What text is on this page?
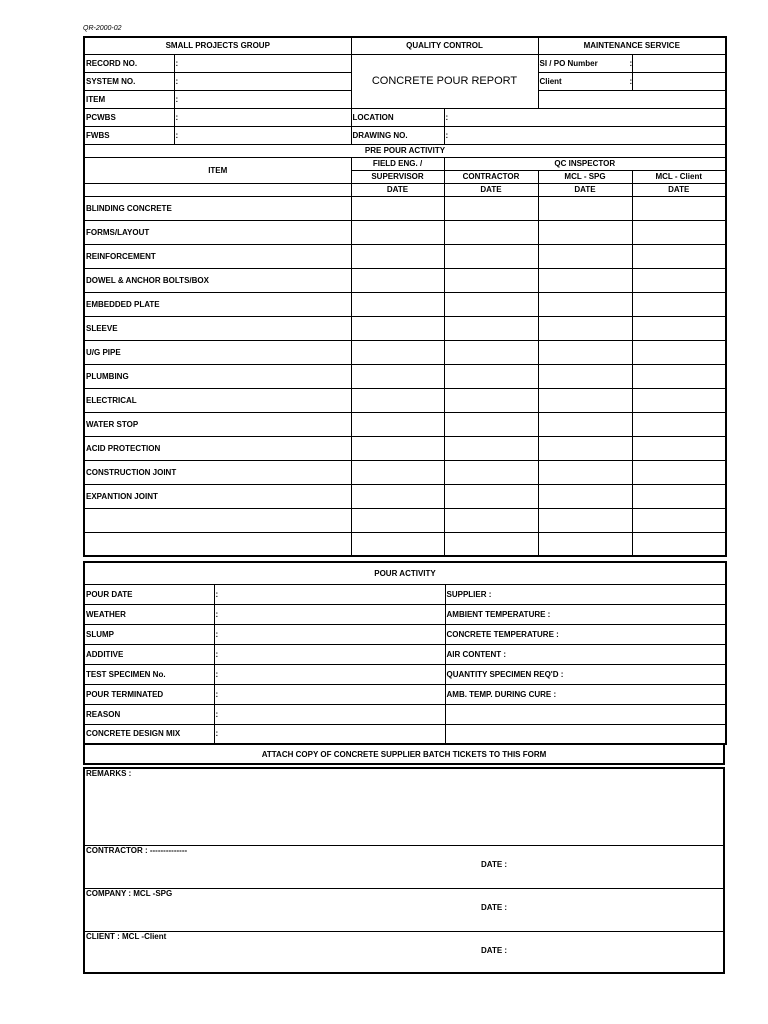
QR-2000-02
SMALL PROJECTS GROUP		QUALITY CONTROL		MAINTENANCE SERVICE	
RECORD NO.	:	CONCRETE POUR REPORT		SI / PO Number :	
SYSTEM NO.	:			Client :	
ITEM	:				
PCWBS	:	LOCATION	:		
FWBS	:	DRAWING NO.	:		
PRE POUR ACTIVITY					
ITEM		FIELD ENG. /	QC INSPECTOR		
		SUPERVISOR	CONTRACTOR	MCL - SPG	MCL - Client
		DATE	DATE	DATE	DATE
BLINDING CONCRETE					
FORMS/LAYOUT					
REINFORCEMENT					
DOWEL & ANCHOR BOLTS/BOX					
EMBEDDED PLATE					
SLEEVE					
U/G PIPE					
PLUMBING					
ELECTRICAL					
WATER STOP					
ACID PROTECTION					
CONSTRUCTION JOINT					
EXPANTION JOINT					

POUR ACTIVITY		
POUR DATE	:	SUPPLIER :
WEATHER	:	AMBIENT TEMPERATURE :
SLUMP	:	CONCRETE TEMPERATURE :
ADDITIVE	:	AIR CONTENT :
TEST SPECIMEN No.	:	QUANTITY SPECIMEN REQ'D :
POUR TERMINATED	:	AMB. TEMP. DURING CURE :
REASON	:	
CONCRETE DESIGN MIX	:	
ATTACH COPY OF CONCRETE SUPPLIER BATCH TICKETS TO THIS FORM
REMARKS :

CONTRACTOR : --------------
DATE :

COMPANY : MCL -SPG
DATE :

CLIENT : MCL -Client
DATE :
